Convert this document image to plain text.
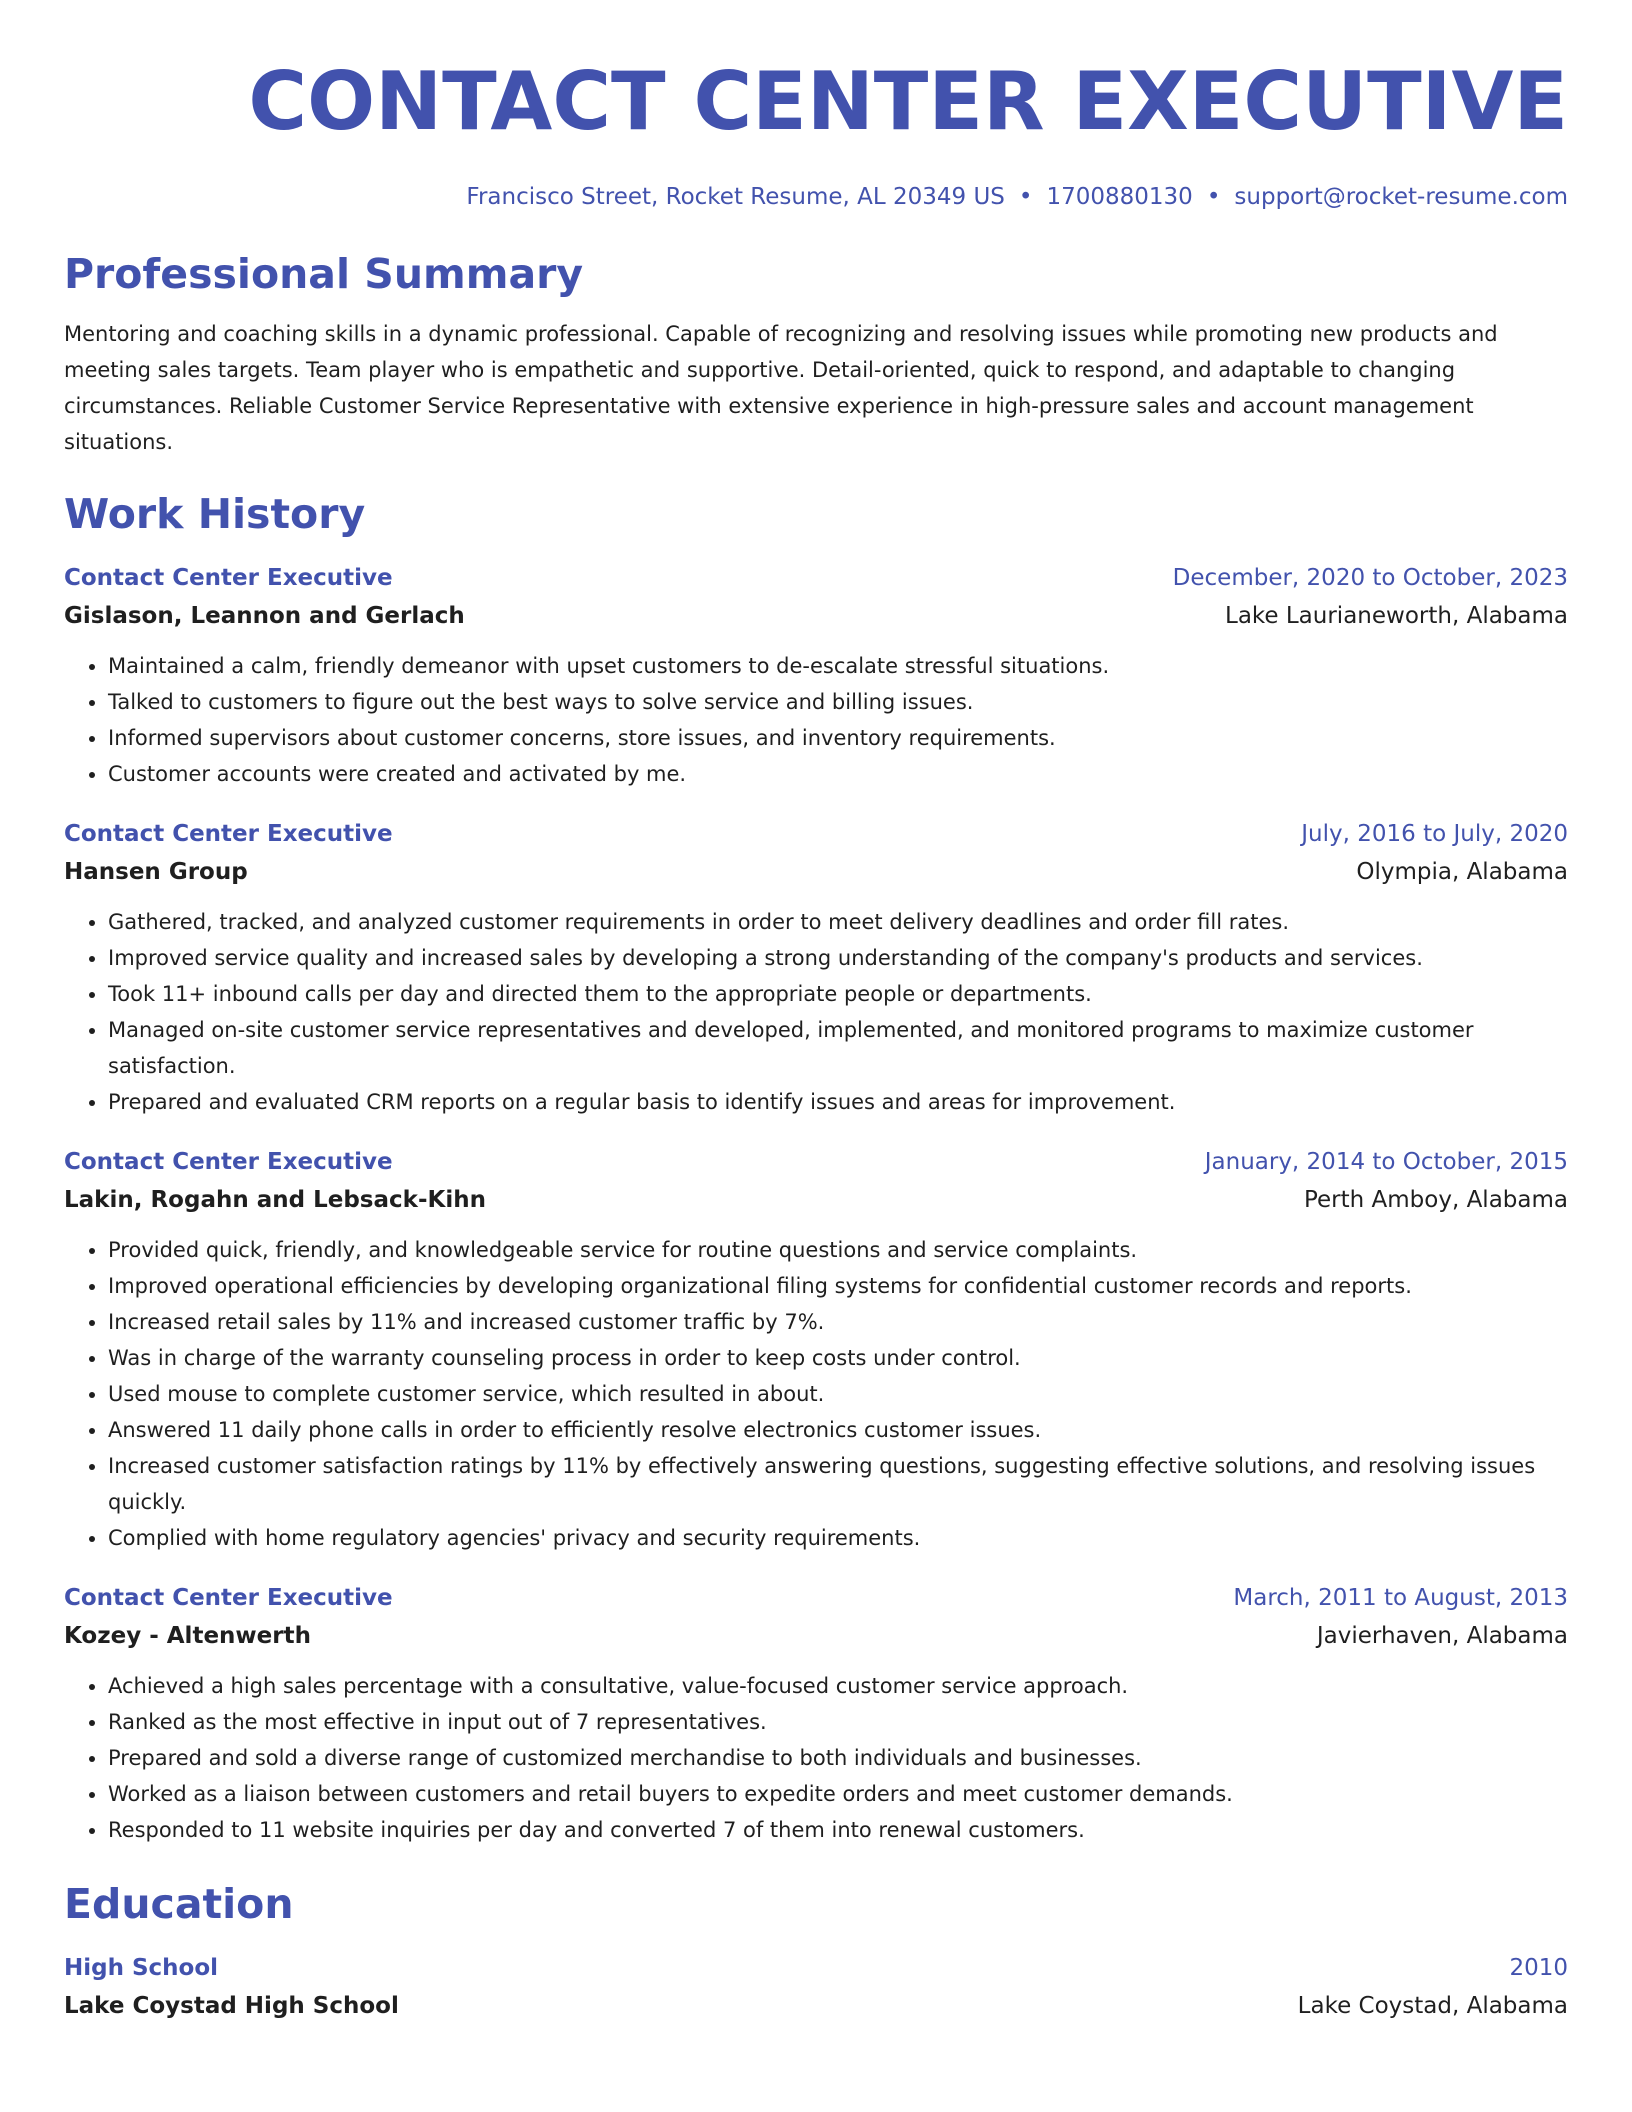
CONTACT CENTER EXECUTIVE
Francisco Street, Rocket Resume, AL 20349 US • 1700880130 • support@rocket-resume.com
Professional Summary
Mentoring and coaching skills in a dynamic professional. Capable of recognizing and resolving issues while promoting new products and meeting sales targets. Team player who is empathetic and supportive. Detail-oriented, quick to respond, and adaptable to changing circumstances. Reliable Customer Service Representative with extensive experience in high-pressure sales and account management situations.
Work History
Contact Center Executive	December, 2020 to October, 2023
Gislason, Leannon and Gerlach	Lake Laurianeworth, Alabama
• Maintained a calm, friendly demeanor with upset customers to de-escalate stressful situations.
• Talked to customers to figure out the best ways to solve service and billing issues.
• Informed supervisors about customer concerns, store issues, and inventory requirements.
• Customer accounts were created and activated by me.
Contact Center Executive	July, 2016 to July, 2020
Hansen Group	Olympia, Alabama
• Gathered, tracked, and analyzed customer requirements in order to meet delivery deadlines and order fill rates.
• Improved service quality and increased sales by developing a strong understanding of the company's products and services.
• Took 11+ inbound calls per day and directed them to the appropriate people or departments.
• Managed on-site customer service representatives and developed, implemented, and monitored programs to maximize customer satisfaction.
• Prepared and evaluated CRM reports on a regular basis to identify issues and areas for improvement.
Contact Center Executive	January, 2014 to October, 2015
Lakin, Rogahn and Lebsack-Kihn	Perth Amboy, Alabama
• Provided quick, friendly, and knowledgeable service for routine questions and service complaints.
• Improved operational efficiencies by developing organizational filing systems for confidential customer records and reports.
• Increased retail sales by 11% and increased customer traffic by 7%.
• Was in charge of the warranty counseling process in order to keep costs under control.
• Used mouse to complete customer service, which resulted in about.
• Answered 11 daily phone calls in order to efficiently resolve electronics customer issues.
• Increased customer satisfaction ratings by 11% by effectively answering questions, suggesting effective solutions, and resolving issues quickly.
• Complied with home regulatory agencies' privacy and security requirements.
Contact Center Executive	March, 2011 to August, 2013
Kozey - Altenwerth	Javierhaven, Alabama
• Achieved a high sales percentage with a consultative, value-focused customer service approach.
• Ranked as the most effective in input out of 7 representatives.
• Prepared and sold a diverse range of customized merchandise to both individuals and businesses.
• Worked as a liaison between customers and retail buyers to expedite orders and meet customer demands.
• Responded to 11 website inquiries per day and converted 7 of them into renewal customers.
Education
High School	2010
Lake Coystad High School	Lake Coystad, Alabama
